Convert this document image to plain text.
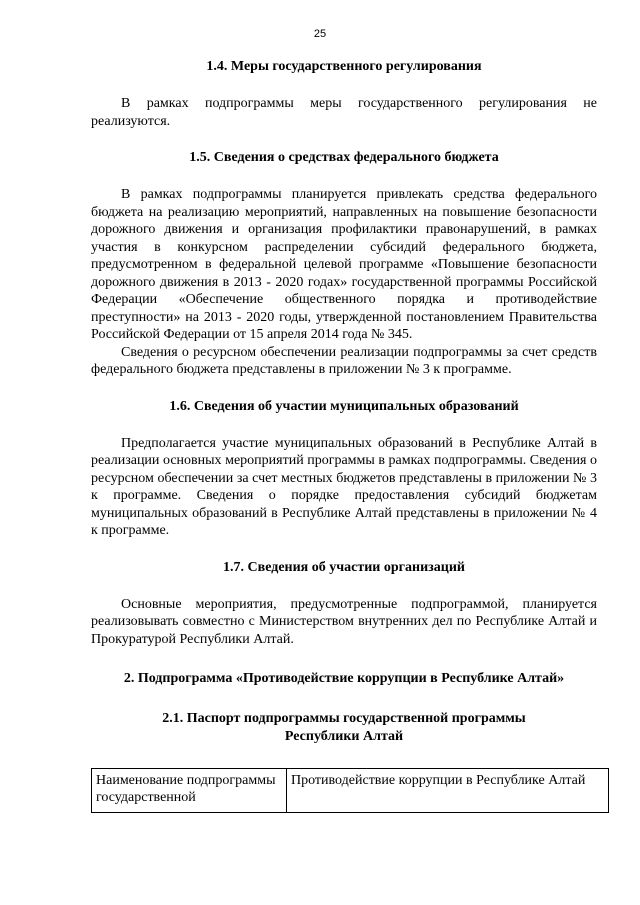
25
1.4. Меры государственного регулирования

В рамках подпрограммы меры государственного регулирования не реализуются.

1.5. Сведения о средствах федерального бюджета

В рамках подпрограммы планируется привлекать средства федерального бюджета на реализацию мероприятий, направленных на повышение безопасности дорожного движения и организация профилактики правонарушений, в рамках участия в конкурсном распределении субсидий федерального бюджета, предусмотренном в федеральной целевой программе «Повышение безопасности дорожного движения в 2013 - 2020 годах» государственной программы Российской Федерации «Обеспечение общественного порядка и противодействие преступности» на 2013 - 2020 годы, утвержденной постановлением Правительства Российской Федерации от 15 апреля 2014 года № 345.

Сведения о ресурсном обеспечении реализации подпрограммы за счет средств федерального бюджета представлены в приложении № 3 к программе.

1.6. Сведения об участии муниципальных образований

Предполагается участие муниципальных образований в Республике Алтай в реализации основных мероприятий программы в рамках подпрограммы. Сведения о ресурсном обеспечении за счет местных бюджетов представлены в приложении № 3 к программе. Сведения о порядке предоставления субсидий бюджетам муниципальных образований в Республике Алтай представлены в приложении № 4 к программе.

1.7. Сведения об участии организаций

Основные мероприятия, предусмотренные подпрограммой, планируется реализовывать совместно с Министерством внутренних дел по Республике Алтай и Прокуратурой Республики Алтай.

2. Подпрограмма «Противодействие коррупции в Республике Алтай»
2.1. Паспорт подпрограммы государственной программы
Республики Алтай
Наименование подпрограммы государственной	Противодействие коррупции в Республике Алтай
